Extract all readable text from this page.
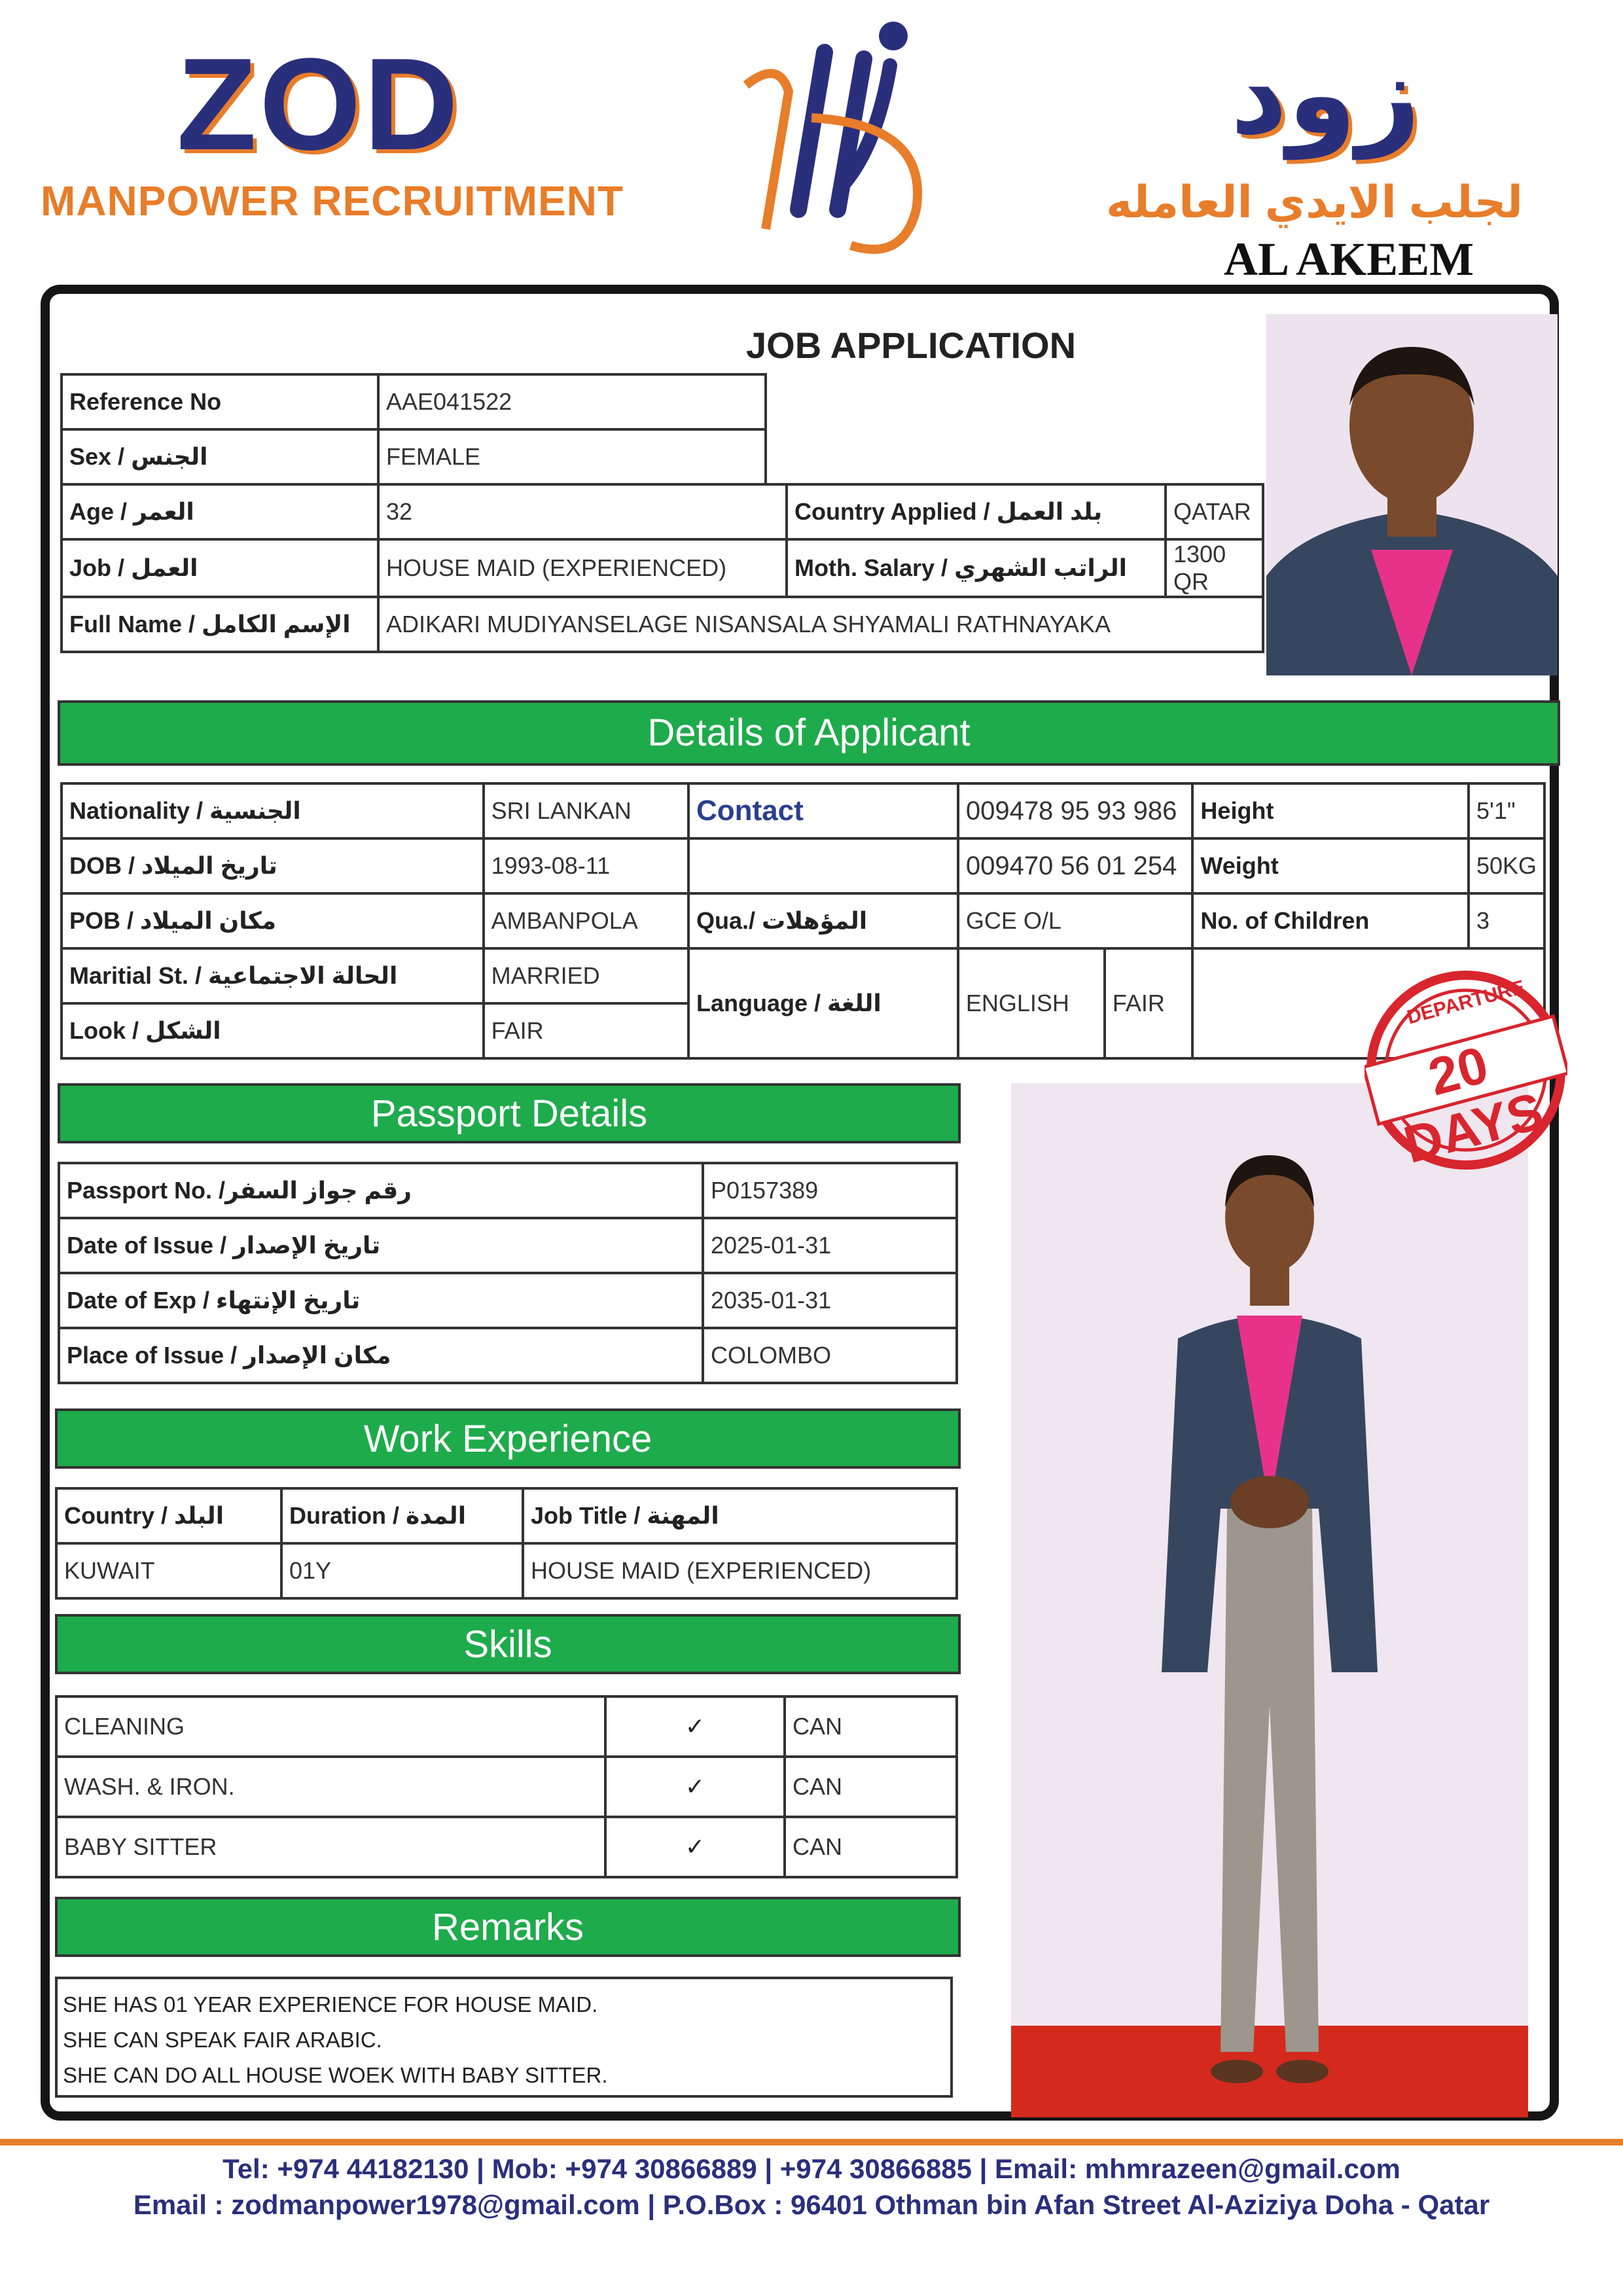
ZOD
MANPOWER RECRUITMENT
زود
لجلب الايدي العامله
AL AKEEM
JOB APPLICATION
Reference No	AAE041522
Sex / الجنس	FEMALE
Age / العمر	32	Country Applied / بلد العمل	QATAR
Job / العمل	HOUSE MAID (EXPERIENCED)	Moth. Salary / الراتب الشهري	1300 QR
Full Name / الإسم الكامل	ADIKARI MUDIYANSELAGE NISANSALA SHYAMALI RATHNAYAKA		
Details of Applicant
Nationality / الجنسية	SRI LANKAN	Contact	009478 95 93 986	Height	5'1"
DOB / تاريخ الميلاد	1993-08-11		009470 56 01 254	Weight	50KG
POB / مكان الميلاد	AMBANPOLA	Qua./ المؤهلات	GCE O/L	No. of Children	3
Maritial St. / الحالة الاجتماعية	MARRIED	Language / اللغة	ENGLISH FAIR		

Look / الشكل	FAIR				
Passport Details
Passport No. /رقم جواز السفر	P0157389
Date of Issue / تاريخ الإصدار	2025-01-31
Date of Exp / تاريخ الإنتهاء	2035-01-31
Place of Issue / مكان الإصدار	COLOMBO
Work Experience
Country / البلد	Duration / المدة	Job Title / المهنة
KUWAIT	01Y	HOUSE MAID (EXPERIENCED)
Skills
CLEANING	✓	CAN
WASH. & IRON.	✓	CAN
BABY SITTER	✓	CAN
Remarks
SHE HAS 01 YEAR EXPERIENCE FOR HOUSE MAID.
SHE CAN SPEAK FAIR ARABIC.
SHE CAN DO ALL HOUSE WOEK WITH BABY SITTER.
DEPARTURE
20 DAYS
Tel: +974 44182130 | Mob: +974 30866889 | +974 30866885 | Email: mhmrazeen@gmail.com
Email : zodmanpower1978@gmail.com | P.O.Box : 96401 Othman bin Afan Street Al-Aziziya Doha - Qatar
